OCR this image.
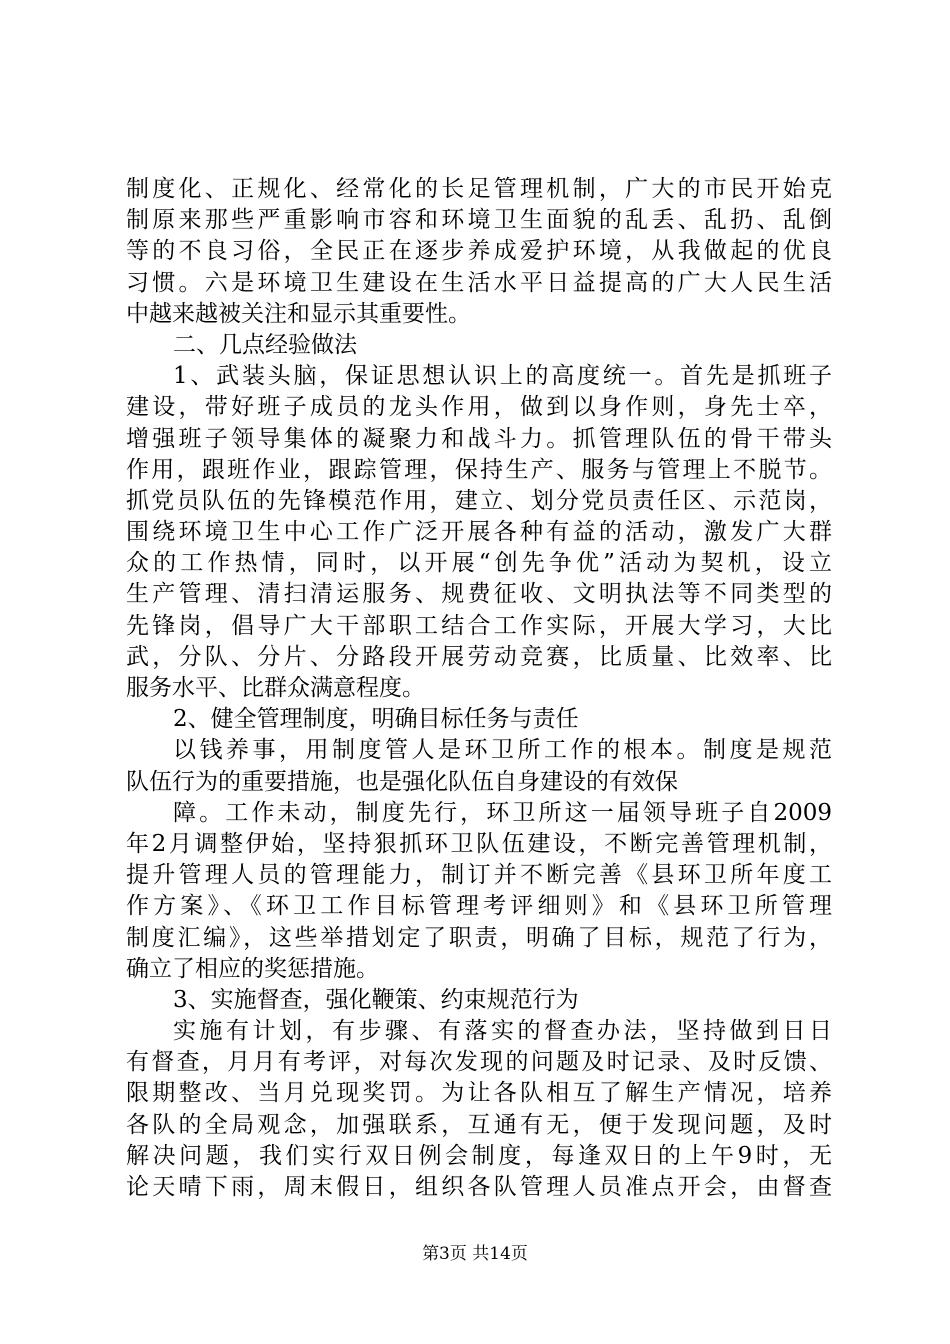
制度化、正规化、经常化的长足管理机制，广大的市民开始克
制原来那些严重影响市容和环境卫生面貌的乱丢、乱扔、乱倒
等的不良习俗，全民正在逐步养成爱护环境，从我做起的优良
习惯。六是环境卫生建设在生活水平日益提高的广大人民生活
中越来越被关注和显示其重要性。
二、几点经验做法
1、武装头脑，保证思想认识上的高度统一。首先是抓班子
建设，带好班子成员的龙头作用，做到以身作则，身先士卒，
增强班子领导集体的凝聚力和战斗力。抓管理队伍的骨干带头
作用，跟班作业，跟踪管理，保持生产、服务与管理上不脱节。
抓党员队伍的先锋模范作用，建立、划分党员责任区、示范岗，
围绕环境卫生中心工作广泛开展各种有益的活动，激发广大群
众的工作热情，同时，以开展“创先争优”活动为契机，设立
生产管理、清扫清运服务、规费征收、文明执法等不同类型的
先锋岗，倡导广大干部职工结合工作实际，开展大学习，大比
武，分队、分片、分路段开展劳动竞赛，比质量、比效率、比
服务水平、比群众满意程度。
2、健全管理制度，明确目标任务与责任
以钱养事，用制度管人是环卫所工作的根本。制度是规范
队伍行为的重要措施，也是强化队伍自身建设的有效保
障。工作未动，制度先行，环卫所这一届领导班子自2009
年2月调整伊始，坚持狠抓环卫队伍建设，不断完善管理机制，
提升管理人员的管理能力，制订并不断完善《县环卫所年度工
作方案》、《环卫工作目标管理考评细则》和《县环卫所管理
制度汇编》，这些举措划定了职责，明确了目标，规范了行为，
确立了相应的奖惩措施。
3、实施督查，强化鞭策、约束规范行为
实施有计划，有步骤、有落实的督查办法，坚持做到日日
有督查，月月有考评，对每次发现的问题及时记录、及时反馈、
限期整改、当月兑现奖罚。为让各队相互了解生产情况，培养
各队的全局观念，加强联系，互通有无，便于发现问题，及时
解决问题，我们实行双日例会制度，每逢双日的上午9时，无
论天晴下雨，周末假日，组织各队管理人员准点开会，由督查
第3页 共14页
